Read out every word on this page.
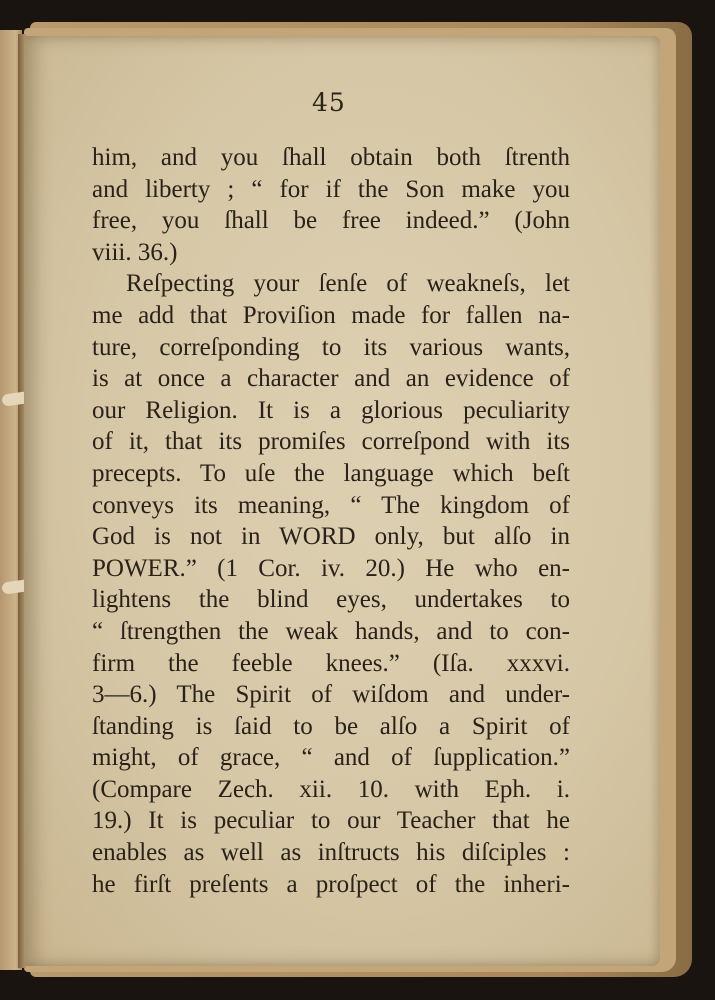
45
him, and you ſhall obtain both ſtrenth
and liberty ; “ for if the Son make you
free, you ſhall be free indeed.” (John
viii. 36.)
Reſpecting your ſenſe of weakneſs, let
me add that Proviſion made for fallen na-
ture, correſponding to its various wants,
is at once a character and an evidence of
our Religion. It is a glorious peculiarity
of it, that its promiſes correſpond with its
precepts. To uſe the language which beſt
conveys its meaning, “ The kingdom of
God is not in WORD only, but alſo in
POWER.” (1 Cor. iv. 20.) He who en-
lightens the blind eyes, undertakes to
“ ſtrengthen the weak hands, and to con-
firm the feeble knees.” (Iſa. xxxvi.
3—6.) The Spirit of wiſdom and under-
ſtanding is ſaid to be alſo a Spirit of
might, of grace, “ and of ſupplication.”
(Compare Zech. xii. 10. with Eph. i.
19.) It is peculiar to our Teacher that he
enables as well as inſtructs his diſciples :
he firſt preſents a proſpect of the inheri-
